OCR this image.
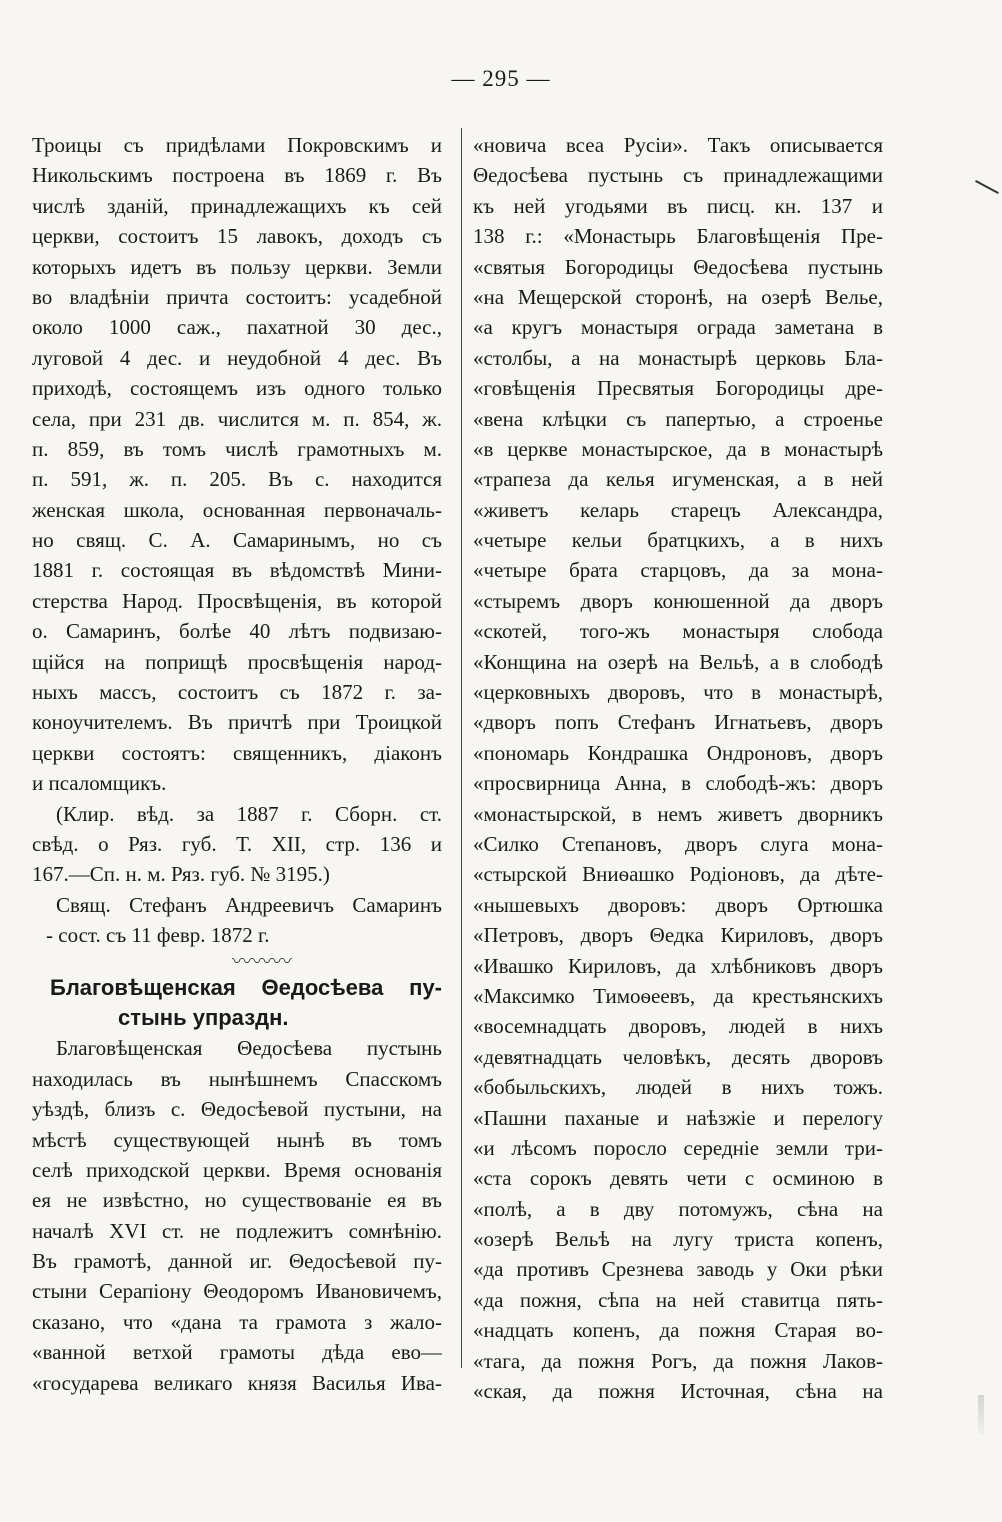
— 295 —
Троицы съ придѣлами Покровскимъ и
Никольскимъ построена въ 1869 г. Въ
числѣ зданій, принадлежащихъ къ сей
церкви, состоитъ 15 лавокъ, доходъ съ
которыхъ идетъ въ пользу церкви. Земли
во владѣніи причта состоитъ: усадебной
около 1000 саж., пахатной 30 дес.,
луговой 4 дес. и неудобной 4 дес. Въ
приходѣ, состоящемъ изъ одного только
села, при 231 дв. числится м. п. 854, ж.
п. 859, въ томъ числѣ грамотныхъ м.
п. 591, ж. п. 205. Въ с. находится
женская школа, основанная первоначаль-
но свящ. С. А. Самаринымъ, но съ
1881 г. состоящая въ вѣдомствѣ Мини-
стерства Народ. Просвѣщенія, въ которой
о. Самаринъ, болѣе 40 лѣтъ подвизаю-
щійся на поприщѣ просвѣщенія народ-
ныхъ массъ, состоитъ съ 1872 г. за-
коноучителемъ. Въ причтѣ при Троицкой
церкви состоятъ: священникъ, діаконъ
и псаломщикъ.
(Клир. вѣд. за 1887 г. Сборн. ст.
свѣд. о Ряз. губ. Т. XII, стр. 136 и
167.—Сп. н. м. Ряз. губ. № 3195.)
Свящ. Стефанъ Андреевичъ Самаринъ
- сост. съ 11 февр. 1872 г.
〰〰〰
Благовѣщенская Θедосѣева пу-
стынь упраздн.
Благовѣщенская Θедосѣева пустынь
находилась въ нынѣшнемъ Спасскомъ
уѣздѣ, близъ с. Θедосѣевой пустыни, на
мѣстѣ существующей нынѣ въ томъ
селѣ приходской церкви. Время основанія
ея не извѣстно, но существованіе ея въ
началѣ XVI ст. не подлежитъ сомнѣнію.
Въ грамотѣ, данной иг. Θедосѣевой пу-
стыни Серапіону Θеодоромъ Ивановичемъ,
сказано, что «дана та грамота з жало-
«ванной ветхой грамоты дѣда ево—
«государева великаго князя Василья Ива-
«новича всеа Русіи». Такъ описывается
Θедосѣева пустынь съ принадлежащими
къ ней угодьями въ писц. кн. 137 и
138 г.: «Монастырь Благовѣщенія Пре-
«святыя Богородицы Θедосѣева пустынь
«на Мещерской сторонѣ, на озерѣ Велье,
«а кругъ монастыря ограда заметана в
«столбы, а на монастырѣ церковь Бла-
«говѣщенія Пресвятыя Богородицы дре-
«вена клѣцки съ папертью, а строенье
«в церкве монастырское, да в монастырѣ
«трапеза да келья игуменская, а в ней
«живетъ келарь старецъ Александра,
«четыре кельи братцкихъ, а в нихъ
«четыре брата старцовъ, да за мона-
«стыремъ дворъ конюшенной да дворъ
«скотей, того-жъ монастыря слобода
«Конщина на озерѣ на Вельѣ, а в слободѣ
«церковныхъ дворовъ, что в монастырѣ,
«дворъ попъ Стефанъ Игнатьевъ, дворъ
«пономарь Кондрашка Ондроновъ, дворъ
«просвирница Анна, в слободѣ-жъ: дворъ
«монастырской, в немъ живетъ дворникъ
«Силко Степановъ, дворъ слуга мона-
«стырской Вниѳашко Родіоновъ, да дѣте-
«нышевыхъ дворовъ: дворъ Ортюшка
«Петровъ, дворъ Θедка Кириловъ, дворъ
«Ивашко Кириловъ, да хлѣбниковъ дворъ
«Максимко Тимоѳеевъ, да крестьянскихъ
«восемнадцать дворовъ, людей в нихъ
«девятнадцать человѣкъ, десять дворовъ
«бобыльскихъ, людей в нихъ тожъ.
«Пашни паханые и наѣзжіе и перелогу
«и лѣсомъ поросло середніе земли три-
«ста сорокъ девять чети с осминою в
«полѣ, а в дву потомужъ, сѣна на
«озерѣ Вельѣ на лугу триста копенъ,
«да противъ Срезнева заводь у Оки рѣки
«да пожня, сѣпа на ней ставитца пять-
«надцать копенъ, да пожня Старая во-
«тага, да пожня Рогъ, да пожня Лаков-
«ская, да пожня Источная, сѣна на
